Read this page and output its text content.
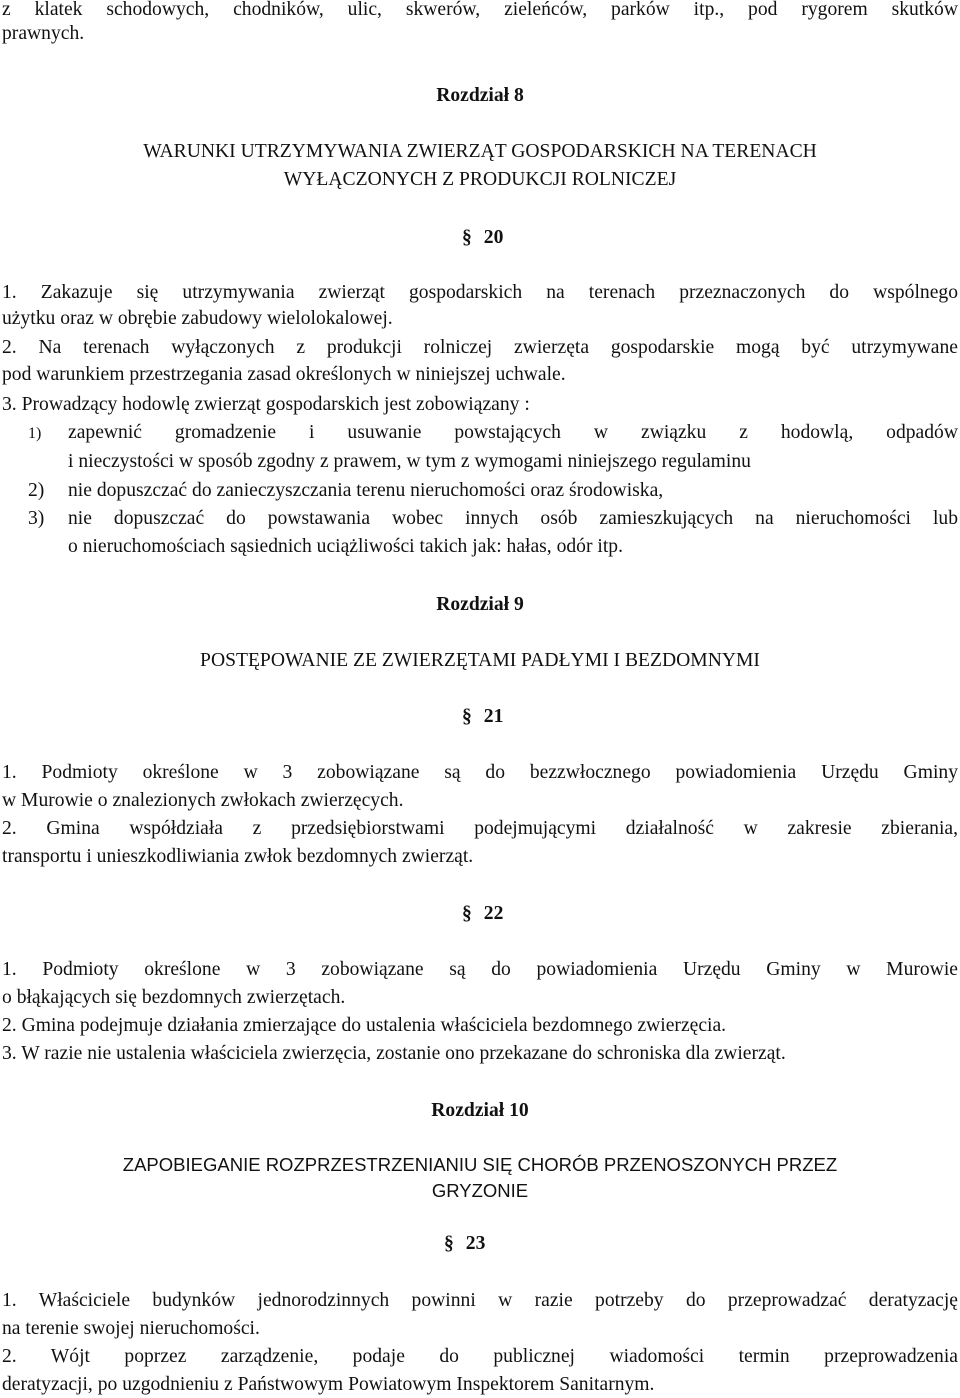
z klatek schodowych, chodników, ulic, skwerów, zieleńców, parków itp., pod rygorem skutków
prawnych.
Rozdział 8
WARUNKI UTRZYMYWANIA ZWIERZĄT GOSPODARSKICH NA TERENACH
WYŁĄCZONYCH Z PRODUKCJI ROLNICZEJ
§ 20
1. Zakazuje się utrzymywania zwierząt gospodarskich na terenach przeznaczonych do wspólnego
użytku oraz w obrębie zabudowy wielolokalowej.
2. Na terenach wyłączonych z produkcji rolniczej zwierzęta gospodarskie mogą być utrzymywane
pod warunkiem przestrzegania zasad określonych w niniejszej uchwale.
3. Prowadzący hodowlę zwierząt gospodarskich jest zobowiązany :
1) zapewnić gromadzenie i usuwanie powstających w związku z hodowlą, odpadów
i nieczystości w sposób zgodny z prawem, w tym z wymogami niniejszego regulaminu
2) nie dopuszczać do zanieczyszczania terenu nieruchomości oraz środowiska,
3) nie dopuszczać do powstawania wobec innych osób zamieszkujących na nieruchomości lub
o nieruchomościach sąsiednich uciążliwości takich jak: hałas, odór itp.
Rozdział 9
POSTĘPOWANIE ZE ZWIERZĘTAMI PADŁYMI I BEZDOMNYMI
§ 21
1. Podmioty określone w 3 zobowiązane są do bezzwłocznego powiadomienia Urzędu Gminy
w Murowie o znalezionych zwłokach zwierzęcych.
2. Gmina współdziała z przedsiębiorstwami podejmującymi działalność w zakresie zbierania,
transportu i unieszkodliwiania zwłok bezdomnych zwierząt.
§ 22
1. Podmioty określone w 3 zobowiązane są do powiadomienia Urzędu Gminy w Murowie
o błąkających się bezdomnych zwierzętach.
2. Gmina podejmuje działania zmierzające do ustalenia właściciela bezdomnego zwierzęcia.
3. W razie nie ustalenia właściciela zwierzęcia, zostanie ono przekazane do schroniska dla zwierząt.
Rozdział 10
ZAPOBIEGANIE ROZPRZESTRZENIANIU SIĘ CHORÓB PRZENOSZONYCH PRZEZ
GRYZONIE
§ 23
1. Właściciele budynków jednorodzinnych powinni w razie potrzeby do przeprowadzać deratyzację
na terenie swojej nieruchomości.
2. Wójt poprzez zarządzenie, podaje do publicznej wiadomości termin przeprowadzenia
deratyzacji, po uzgodnieniu z Państwowym Powiatowym Inspektorem Sanitarnym.
